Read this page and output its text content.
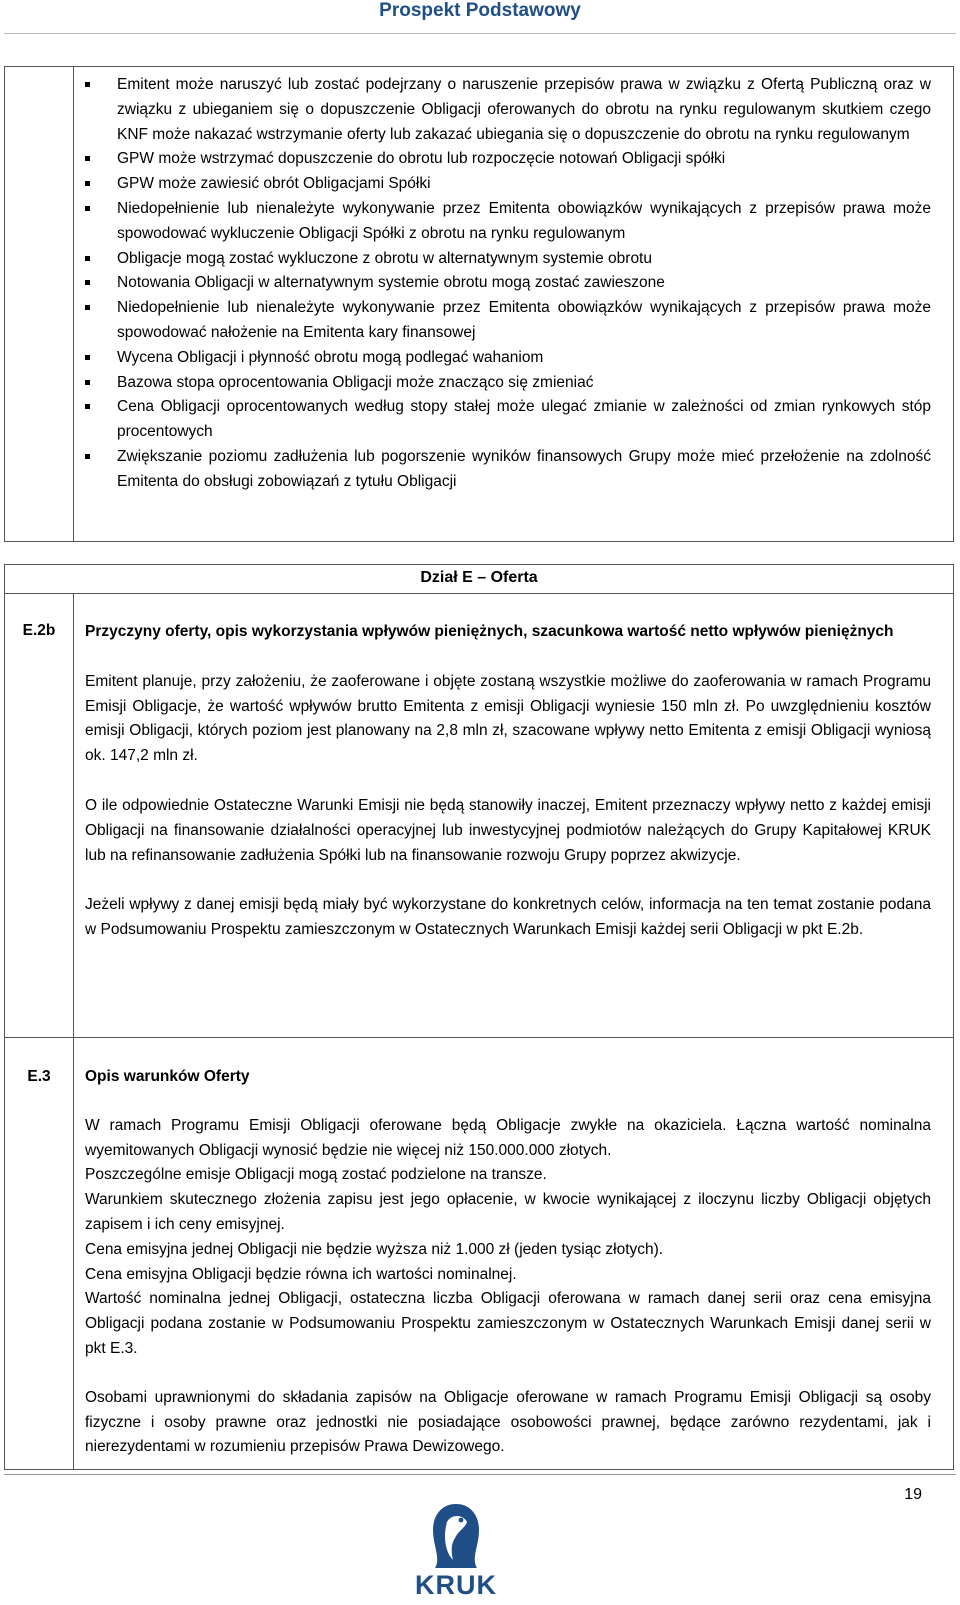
Prospekt Podstawowy
Emitent może naruszyć lub zostać podejrzany o naruszenie przepisów prawa w związku z Ofertą Publiczną oraz w związku z ubieganiem się o dopuszczenie Obligacji oferowanych do obrotu na rynku regulowanym skutkiem czego KNF może nakazać wstrzymanie oferty lub zakazać ubiegania się o dopuszczenie do obrotu na rynku regulowanym
GPW może wstrzymać dopuszczenie do obrotu lub rozpoczęcie notowań Obligacji spółki
GPW może zawiesić obrót Obligacjami Spółki
Niedopełnienie lub nienależyte wykonywanie przez Emitenta obowiązków wynikających z przepisów prawa może spowodować wykluczenie Obligacji Spółki z obrotu na rynku regulowanym
Obligacje mogą zostać wykluczone z obrotu w alternatywnym systemie obrotu
Notowania Obligacji w alternatywnym systemie obrotu mogą zostać zawieszone
Niedopełnienie lub nienależyte wykonywanie przez Emitenta obowiązków wynikających z przepisów prawa może spowodować nałożenie na Emitenta kary finansowej
Wycena Obligacji i płynność obrotu mogą podlegać wahaniom
Bazowa stopa oprocentowania Obligacji może znacząco się zmieniać
Cena Obligacji oprocentowanych według stopy stałej może ulegać zmianie w zależności od zmian rynkowych stóp procentowych
Zwiększanie poziomu zadłużenia lub pogorszenie wyników finansowych Grupy może mieć przełożenie na zdolność Emitenta do obsługi zobowiązań z tytułu Obligacji
Dział E – Oferta
E.2b	Przyczyny oferty, opis wykorzystania wpływów pieniężnych, szacunkowa wartość netto wpływów pieniężnych

Emitent planuje, przy założeniu, że zaoferowane i objęte zostaną wszystkie możliwe do zaoferowania w ramach Programu Emisji Obligacje, że wartość wpływów brutto Emitenta z emisji Obligacji wyniesie 150 mln zł. Po uwzględnieniu kosztów emisji Obligacji, których poziom jest planowany na 2,8 mln zł, szacowane wpływy netto Emitenta z emisji Obligacji wyniosą ok. 147,2 mln zł.

O ile odpowiednie Ostateczne Warunki Emisji nie będą stanowiły inaczej, Emitent przeznaczy wpływy netto z każdej emisji Obligacji na finansowanie działalności operacyjnej lub inwestycyjnej podmiotów należących do Grupy Kapitałowej KRUK lub na refinansowanie zadłużenia Spółki lub na finansowanie rozwoju Grupy poprzez akwizycje.

Jeżeli wpływy z danej emisji będą miały być wykorzystane do konkretnych celów, informacja na ten temat zostanie podana w Podsumowaniu Prospektu zamieszczonym w Ostatecznych Warunkach Emisji każdej serii Obligacji w pkt E.2b.

E.3	Opis warunków Oferty

W ramach Programu Emisji Obligacji oferowane będą Obligacje zwykłe na okaziciela. Łączna wartość nominalna wyemitowanych Obligacji wynosić będzie nie więcej niż 150.000.000 złotych.

Poszczególne emisje Obligacji mogą zostać podzielone na transze.

Warunkiem skutecznego złożenia zapisu jest jego opłacenie, w kwocie wynikającej z iloczynu liczby Obligacji objętych zapisem i ich ceny emisyjnej.

Cena emisyjna jednej Obligacji nie będzie wyższa niż 1.000 zł (jeden tysiąc złotych).

Cena emisyjna Obligacji będzie równa ich wartości nominalnej.

Wartość nominalna jednej Obligacji, ostateczna liczba Obligacji oferowana w ramach danej serii oraz cena emisyjna Obligacji podana zostanie w Podsumowaniu Prospektu zamieszczonym w Ostatecznych Warunkach Emisji danej serii w pkt E.3.

Osobami uprawnionymi do składania zapisów na Obligacje oferowane w ramach Programu Emisji Obligacji są osoby fizyczne i osoby prawne oraz jednostki nie posiadające osobowości prawnej, będące zarówno rezydentami, jak i nierezydentami w rozumieniu przepisów Prawa Dewizowego.

19
KRUK
